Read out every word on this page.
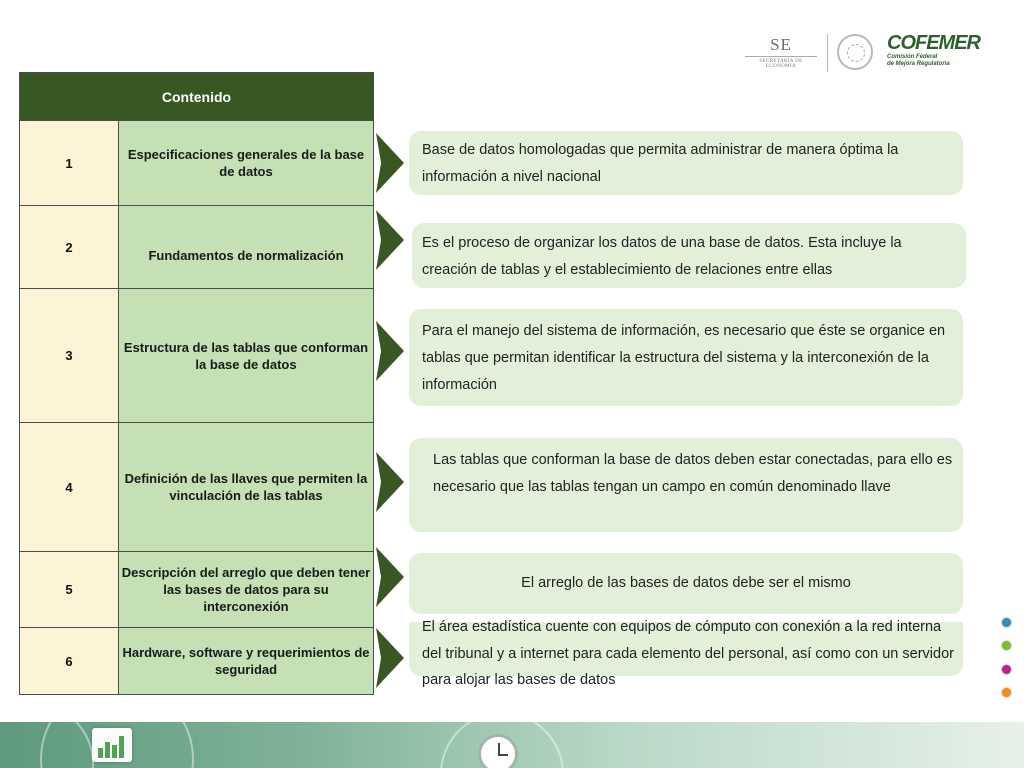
SE
SECRETARÍA DE ECONOMÍA
COFEMER
Comisión Federal
de Mejora Regulatoria
Contenido	
1	Especificaciones generales de la base de datos
2	Fundamentos de normalización
3	Estructura de las tablas que conforman la base de datos
4	Definición de las llaves que permiten la vinculación de las tablas
5	Descripción del arreglo que deben tener las bases de datos para su interconexión
6	Hardware, software y requerimientos de seguridad
Base de datos homologadas que permita administrar de manera óptima la información a nivel nacional
Es el proceso de organizar los datos de una base de datos. Esta incluye la creación de tablas y el establecimiento de relaciones entre ellas
Para el manejo del sistema de información, es necesario que éste se organice en tablas que permitan identificar la estructura del sistema y la interconexión de la información
Las tablas que conforman la base de datos deben estar conectadas, para ello es necesario que las tablas tengan un campo en común denominado llave
El arreglo de las bases de datos debe ser el mismo
El área estadística cuente con equipos de cómputo con conexión a la red interna del tribunal y a internet para cada elemento del personal, así como con un servidor para alojar las bases de datos
